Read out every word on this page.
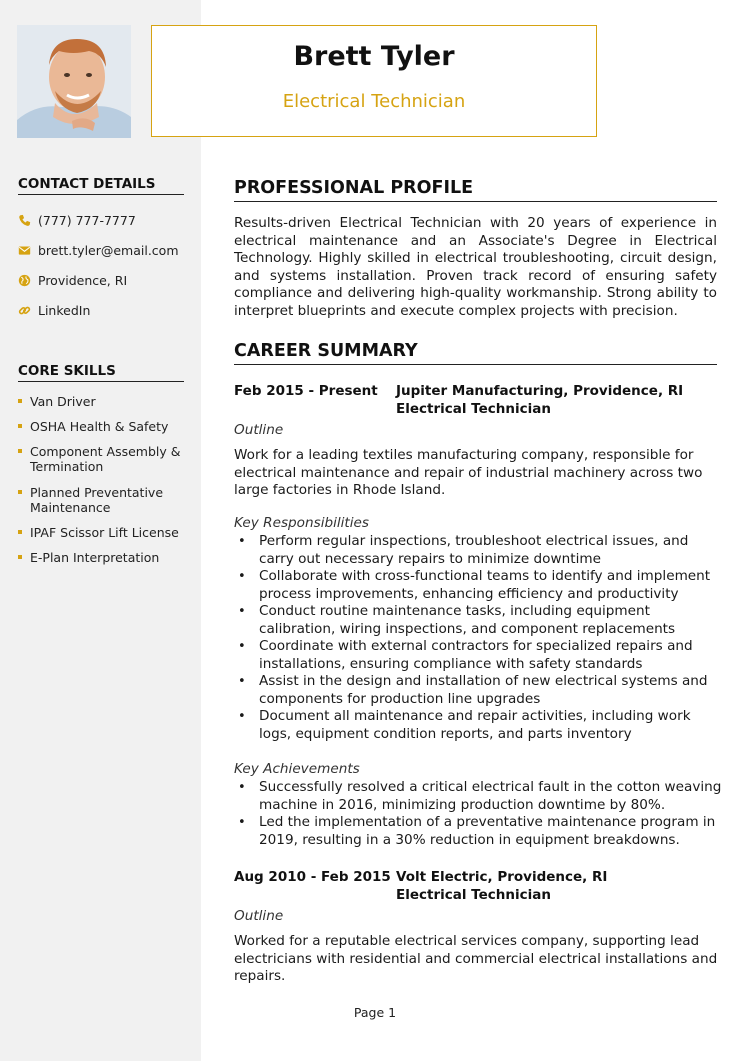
Brett Tyler
Electrical Technician
CONTACT DETAILS
(777) 777-7777
brett.tyler@email.com
Providence, RI
LinkedIn
CORE SKILLS
Van Driver
OSHA Health & Safety
Component Assembly & Termination
Planned Preventative Maintenance
IPAF Scissor Lift License
E-Plan Interpretation
PROFESSIONAL PROFILE

Results-driven Electrical Technician with 20 years of experience in electrical maintenance and an Associate's Degree in Electrical Technology. Highly skilled in electrical troubleshooting, circuit design, and systems installation. Proven track record of ensuring safety compliance and delivering high-quality workmanship. Strong ability to interpret blueprints and execute complex projects with precision.

CAREER SUMMARY
Feb 2015 - Present Jupiter Manufacturing, Providence, RI
Electrical Technician
Outline

Work for a leading textiles manufacturing company, responsible for electrical maintenance and repair of industrial machinery across two large factories in Rhode Island.

Key Responsibilities
• Perform regular inspections, troubleshoot electrical issues, and carry out necessary repairs to minimize downtime
• Collaborate with cross-functional teams to identify and implement process improvements, enhancing efficiency and productivity
• Conduct routine maintenance tasks, including equipment calibration, wiring inspections, and component replacements
• Coordinate with external contractors for specialized repairs and installations, ensuring compliance with safety standards
• Assist in the design and installation of new electrical systems and components for production line upgrades
• Document all maintenance and repair activities, including work logs, equipment condition reports, and parts inventory
Key Achievements
• Successfully resolved a critical electrical fault in the cotton weaving machine in 2016, minimizing production downtime by 80%.
• Led the implementation of a preventative maintenance program in 2019, resulting in a 30% reduction in equipment breakdowns.
Aug 2010 - Feb 2015 Volt Electric, Providence, RI
Electrical Technician
Outline

Worked for a reputable electrical services company, supporting lead electricians with residential and commercial electrical installations and repairs.

Page 1
